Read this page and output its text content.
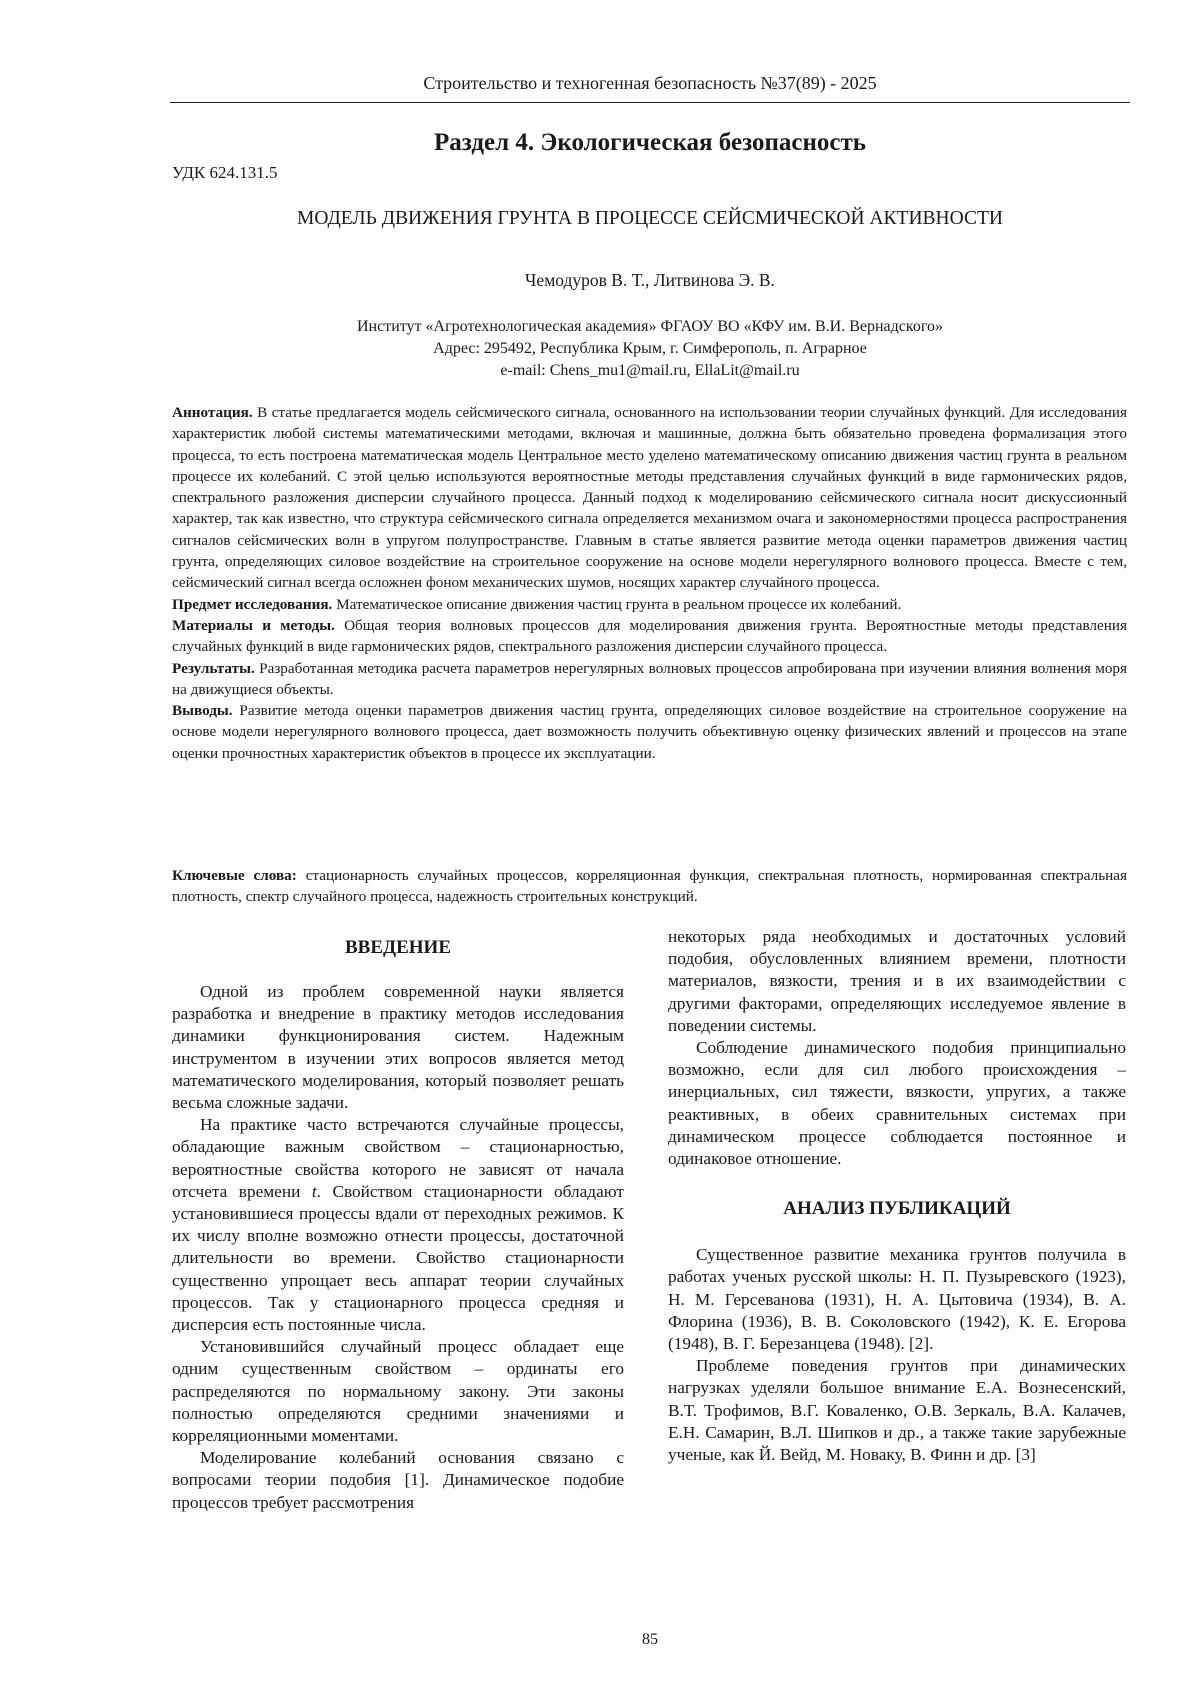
Строительство и техногенная безопасность №37(89) - 2025
Раздел 4. Экологическая безопасность
УДК 624.131.5
МОДЕЛЬ ДВИЖЕНИЯ ГРУНТА В ПРОЦЕССЕ СЕЙСМИЧЕСКОЙ АКТИВНОСТИ
Чемодуров В. Т., Литвинова Э. В.
Институт «Агротехнологическая академия» ФГАОУ ВО «КФУ им. В.И. Вернадского»
Адрес: 295492, Республика Крым, г. Симферополь, п. Аграрное
e-mail: Chens_mu1@mail.ru, EllaLit@mail.ru

Аннотация. В статье предлагается модель сейсмического сигнала, основанного на использовании теории случайных функций. Для исследования характеристик любой системы математическими методами, включая и машинные, должна быть обязательно проведена формализация этого процесса, то есть построена математическая модель Центральное место уделено математическому описанию движения частиц грунта в реальном процессе их колебаний. С этой целью используются вероятностные методы представления случайных функций в виде гармонических рядов, спектрального разложения дисперсии случайного процесса. Данный подход к моделированию сейсмического сигнала носит дискуссионный характер, так как известно, что структура сейсмического сигнала определяется механизмом очага и закономерностями процесса распространения сигналов сейсмических волн в упругом полупространстве. Главным в статье является развитие метода оценки параметров движения частиц грунта, определяющих силовое воздействие на строительное сооружение на основе модели нерегулярного волнового процесса. Вместе с тем, сейсмический сигнал всегда осложнен фоном механических шумов, носящих характер случайного процесса.

Предмет исследования. Математическое описание движения частиц грунта в реальном процессе их колебаний.

Материалы и методы. Общая теория волновых процессов для моделирования движения грунта. Вероятностные методы представления случайных функций в виде гармонических рядов, спектрального разложения дисперсии случайного процесса.

Результаты. Разработанная методика расчета параметров нерегулярных волновых процессов апробирована при изучении влияния волнения моря на движущиеся объекты.

Выводы. Развитие метода оценки параметров движения частиц грунта, определяющих силовое воздействие на строительное сооружение на основе модели нерегулярного волнового процесса, дает возможность получить объективную оценку физических явлений и процессов на этапе оценки прочностных характеристик объектов в процессе их эксплуатации.

Ключевые слова: стационарность случайных процессов, корреляционная функция, спектральная плотность, нормированная спектральная плотность, спектр случайного процесса, надежность строительных конструкций.

ВВЕДЕНИЕ

Одной из проблем современной науки является разработка и внедрение в практику методов исследования динамики функционирования систем. Надежным инструментом в изучении этих вопросов является метод математического моделирования, который позволяет решать весьма сложные задачи.

На практике часто встречаются случайные процессы, обладающие важным свойством – стационарностью, вероятностные свойства которого не зависят от начала отсчета времени t. Свойством стационарности обладают установившиеся процессы вдали от переходных режимов. К их числу вполне возможно отнести процессы, достаточной длительности во времени. Свойство стационарности существенно упрощает весь аппарат теории случайных процессов. Так у стационарного процесса средняя и дисперсия есть постоянные числа.

Установившийся случайный процесс обладает еще одним существенным свойством – ординаты его распределяются по нормальному закону. Эти законы полностью определяются средними значениями и корреляционными моментами.

Моделирование колебаний основания связано с вопросами теории подобия [1]. Динамическое подобие процессов требует рассмотрения

некоторых ряда необходимых и достаточных условий подобия, обусловленных влиянием времени, плотности материалов, вязкости, трения и в их взаимодействии с другими факторами, определяющих исследуемое явление в поведении системы.

Соблюдение динамического подобия принципиально возможно, если для сил любого происхождения – инерциальных, сил тяжести, вязкости, упругих, а также реактивных, в обеих сравнительных системах при динамическом процессе соблюдается постоянное и одинаковое отношение.

АНАЛИЗ ПУБЛИКАЦИЙ

Существенное развитие механика грунтов получила в работах ученых русской школы: Н. П. Пузыревского (1923), Н. М. Герсеванова (1931), Н. А. Цытовича (1934), В. А. Флорина (1936), В. В. Соколовского (1942), К. Е. Егорова (1948), В. Г. Березанцева (1948). [2].

Проблеме поведения грунтов при динамических нагрузках уделяли большое внимание Е.А. Вознесенский, В.Т. Трофимов, В.Г. Коваленко, О.В. Зеркаль, В.А. Калачев, Е.Н. Самарин, В.Л. Шипков и др., а также такие зарубежные ученые, как Й. Вейд, М. Новаку, В. Финн и др. [3]

85
